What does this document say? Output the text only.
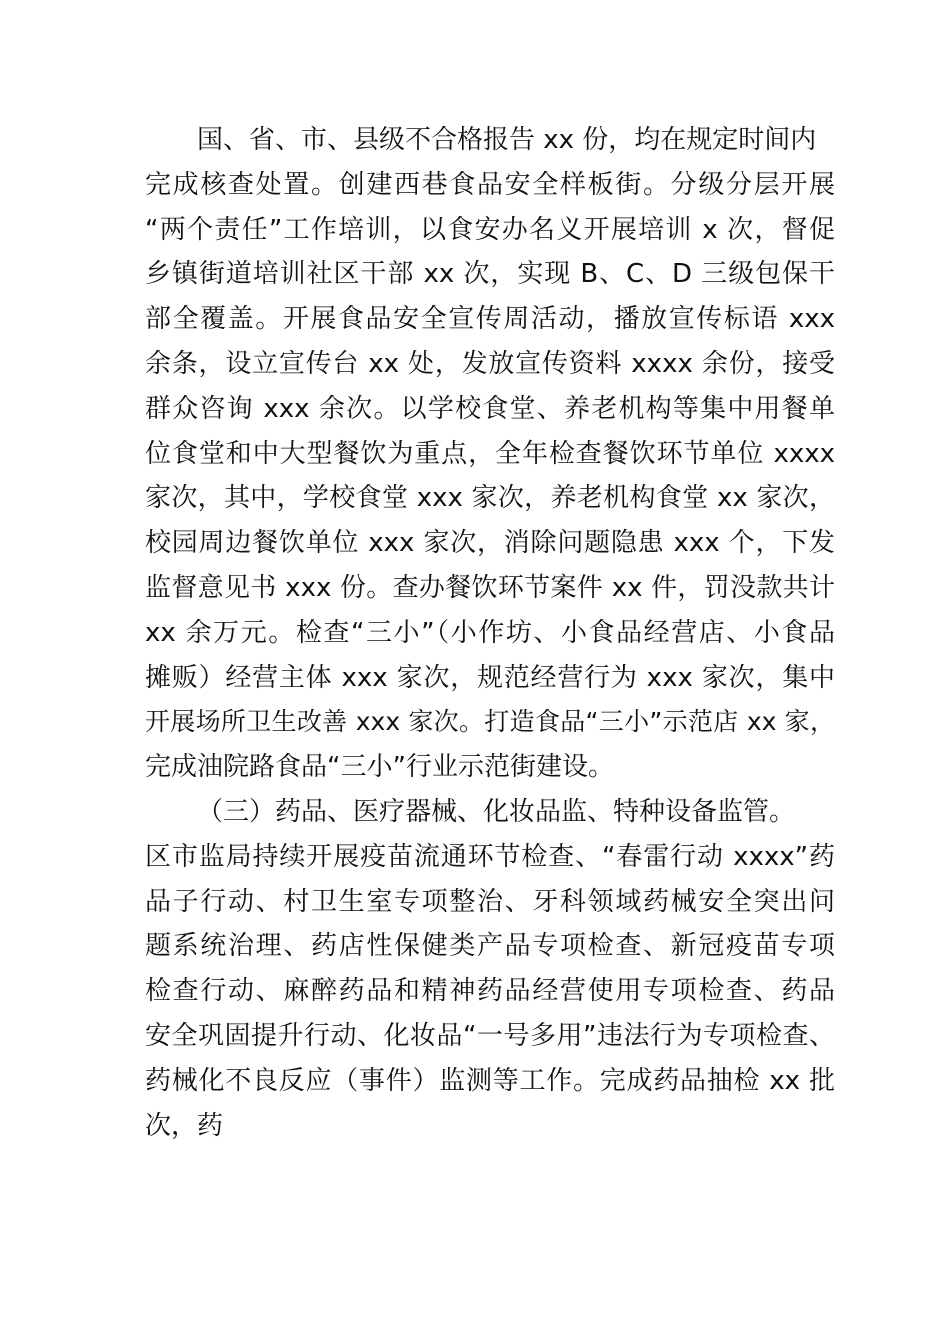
国、省、市、县级不合格报告 xx 份，均在规定时间内
完成核查处置。创建西巷食品安全样板街。分级分层开展
“两个责任”工作培训，以食安办名义开展培训 x 次，督促
乡镇街道培训社区干部 xx 次，实现 B、C、D 三级包保干
部全覆盖。开展食品安全宣传周活动，播放宣传标语 xxx
余条，设立宣传台 xx 处，发放宣传资料 xxxx 余份，接受
群众咨询 xxx 余次。以学校食堂、养老机构等集中用餐单
位食堂和中大型餐饮为重点，全年检查餐饮环节单位 xxxx
家次，其中，学校食堂 xxx 家次，养老机构食堂 xx 家次，
校园周边餐饮单位 xxx 家次，消除问题隐患 xxx 个，下发
监督意见书 xxx 份。查办餐饮环节案件 xx 件，罚没款共计
xx 余万元。检查“三小”（小作坊、小食品经营店、小食品
摊贩）经营主体 xxx 家次，规范经营行为 xxx 家次，集中
开展场所卫生改善 xxx 家次。打造食品“三小”示范店 xx 家，
完成油院路食品“三小”行业示范街建设。
（三）药品、医疗器械、化妆品监、特种设备监管。
区市监局持续开展疫苗流通环节检查、“春雷行动 xxxx”药
品子行动、村卫生室专项整治、牙科领域药械安全突出问
题系统治理、药店性保健类产品专项检查、新冠疫苗专项
检查行动、麻醉药品和精神药品经营使用专项检查、药品
安全巩固提升行动、化妆品“一号多用”违法行为专项检查、
药械化不良反应（事件）监测等工作。完成药品抽检 xx 批
次，药
